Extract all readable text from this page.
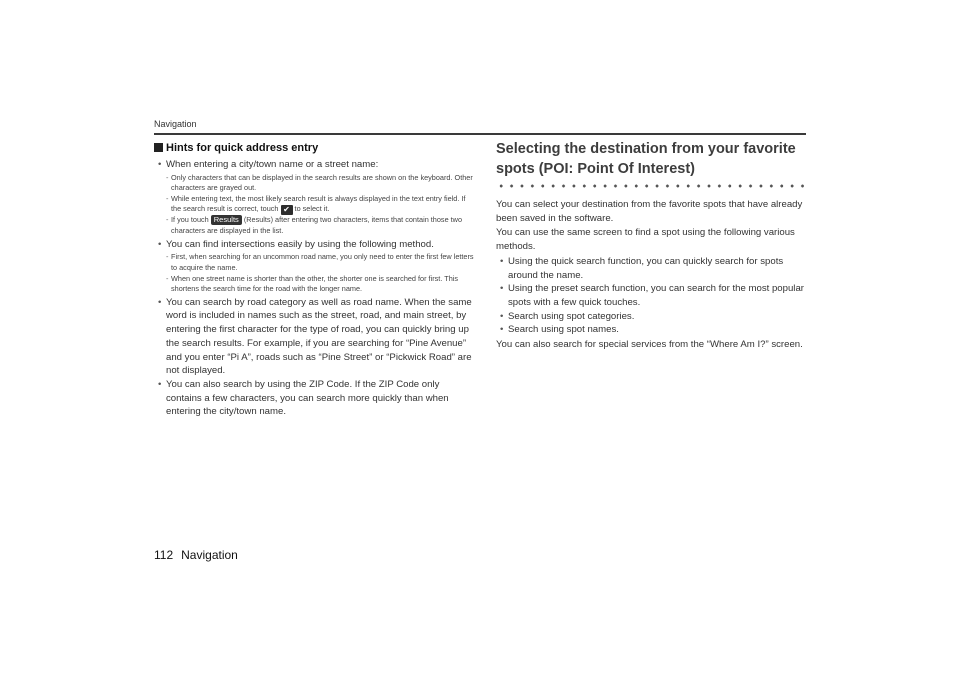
Navigation
Hints for quick address entry
• When entering a city/town name or a street name:
- Only characters that can be displayed in the search results are shown on the keyboard. Other characters are grayed out.
- While entering text, the most likely search result is always displayed in the text entry field. If the search result is correct, touch ✔ to select it.
- If you touch Results (Results) after entering two characters, items that contain those two characters are displayed in the list.
• You can find intersections easily by using the following method.
- First, when searching for an uncommon road name, you only need to enter the first few letters to acquire the name.
- When one street name is shorter than the other, the shorter one is searched for first. This shortens the search time for the road with the longer name.
• You can search by road category as well as road name. When the same word is included in names such as the street, road, and main street, by entering the first character for the type of road, you can quickly bring up the search results. For example, if you are searching for “Pine Avenue” and you enter “Pi A”, roads such as “Pine Street” or “Pickwick Road” are not displayed.
• You can also search by using the ZIP Code. If the ZIP Code only contains a few characters, you can search more quickly than when entering the city/town name.
Selecting the destination from your favorite spots (POI: Point Of Interest)

You can select your destination from the favorite spots that have already been saved in the software.

You can use the same screen to find a spot using the following various methods.

• Using the quick search function, you can quickly search for spots around the name.
• Using the preset search function, you can search for the most popular spots with a few quick touches.
• Search using spot categories.
• Search using spot names.

You can also search for special services from the “Where Am I?” screen.

112 Navigation
